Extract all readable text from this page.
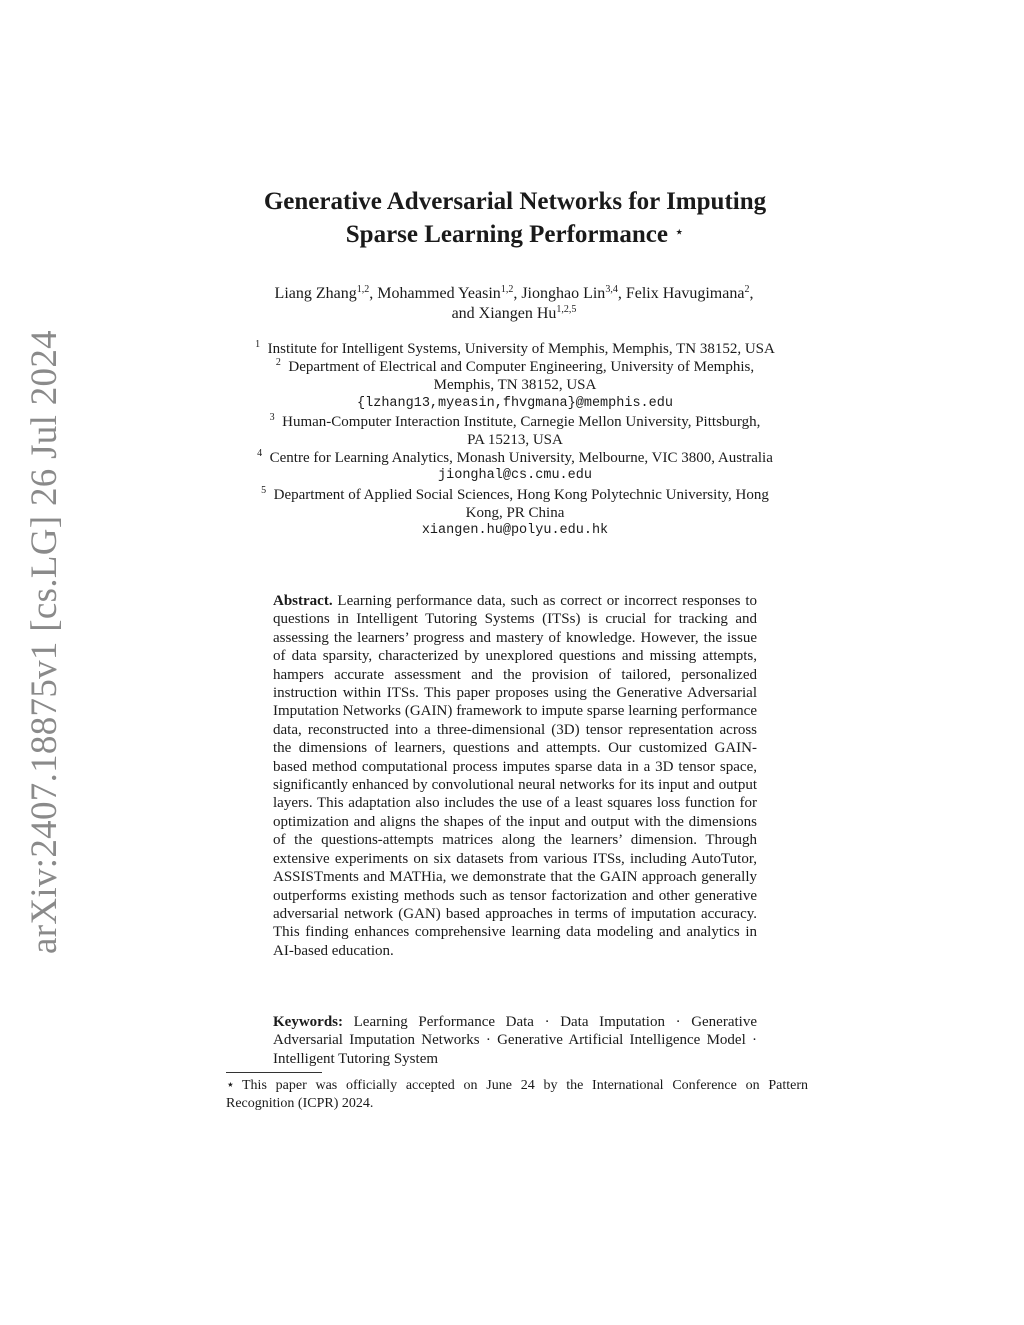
arXiv:2407.18875v1 [cs.LG] 26 Jul 2024
Generative Adversarial Networks for Imputing
Sparse Learning Performance ⋆
Liang Zhang$^{1,2}$, Mohammed Yeasin$^{1,2}$, Jionghao Lin$^{3,4}$, Felix Havugimana$^2$,
and Xiangen Hu$^{1,2,5}$
$^1$ Institute for Intelligent Systems, University of Memphis, Memphis, TN 38152, USA
$^2$ Department of Electrical and Computer Engineering, University of Memphis,
Memphis, TN 38152, USA
{lzhang13,myeasin,fhvgmana}@memphis.edu
$^3$ Human-Computer Interaction Institute, Carnegie Mellon University, Pittsburgh,
PA 15213, USA
$^4$ Centre for Learning Analytics, Monash University, Melbourne, VIC 3800, Australia
jionghal@cs.cmu.edu
$^5$ Department of Applied Social Sciences, Hong Kong Polytechnic University, Hong
Kong, PR China
xiangen.hu@polyu.edu.hk
Abstract. Learning performance data, such as correct or incorrect responses to questions in Intelligent Tutoring Systems (ITSs) is crucial for tracking and assessing the learners’ progress and mastery of knowledge. However, the issue of data sparsity, characterized by unexplored questions and missing attempts, hampers accurate assessment and the provision of tailored, personalized instruction within ITSs. This paper proposes using the Generative Adversarial Imputation Networks (GAIN) framework to impute sparse learning performance data, reconstructed into a three-dimensional (3D) tensor representation across the dimensions of learners, questions and attempts. Our customized GAIN-based method computational process imputes sparse data in a 3D tensor space, significantly enhanced by convolutional neural networks for its input and output layers. This adaptation also includes the use of a least squares loss function for optimization and aligns the shapes of the input and output with the dimensions of the questions-attempts matrices along the learners’ dimension. Through extensive experiments on six datasets from various ITSs, including AutoTutor, ASSISTments and MATHia, we demonstrate that the GAIN approach generally outperforms existing methods such as tensor factorization and other generative adversarial network (GAN) based approaches in terms of imputation accuracy. This finding enhances comprehensive learning data modeling and analytics in AI-based education.
Keywords: Learning Performance Data · Data Imputation · Generative Adversarial Imputation Networks · Generative Artificial Intelligence Model · Intelligent Tutoring System
⋆ This paper was officially accepted on June 24 by the International Conference on Pattern Recognition (ICPR) 2024.
